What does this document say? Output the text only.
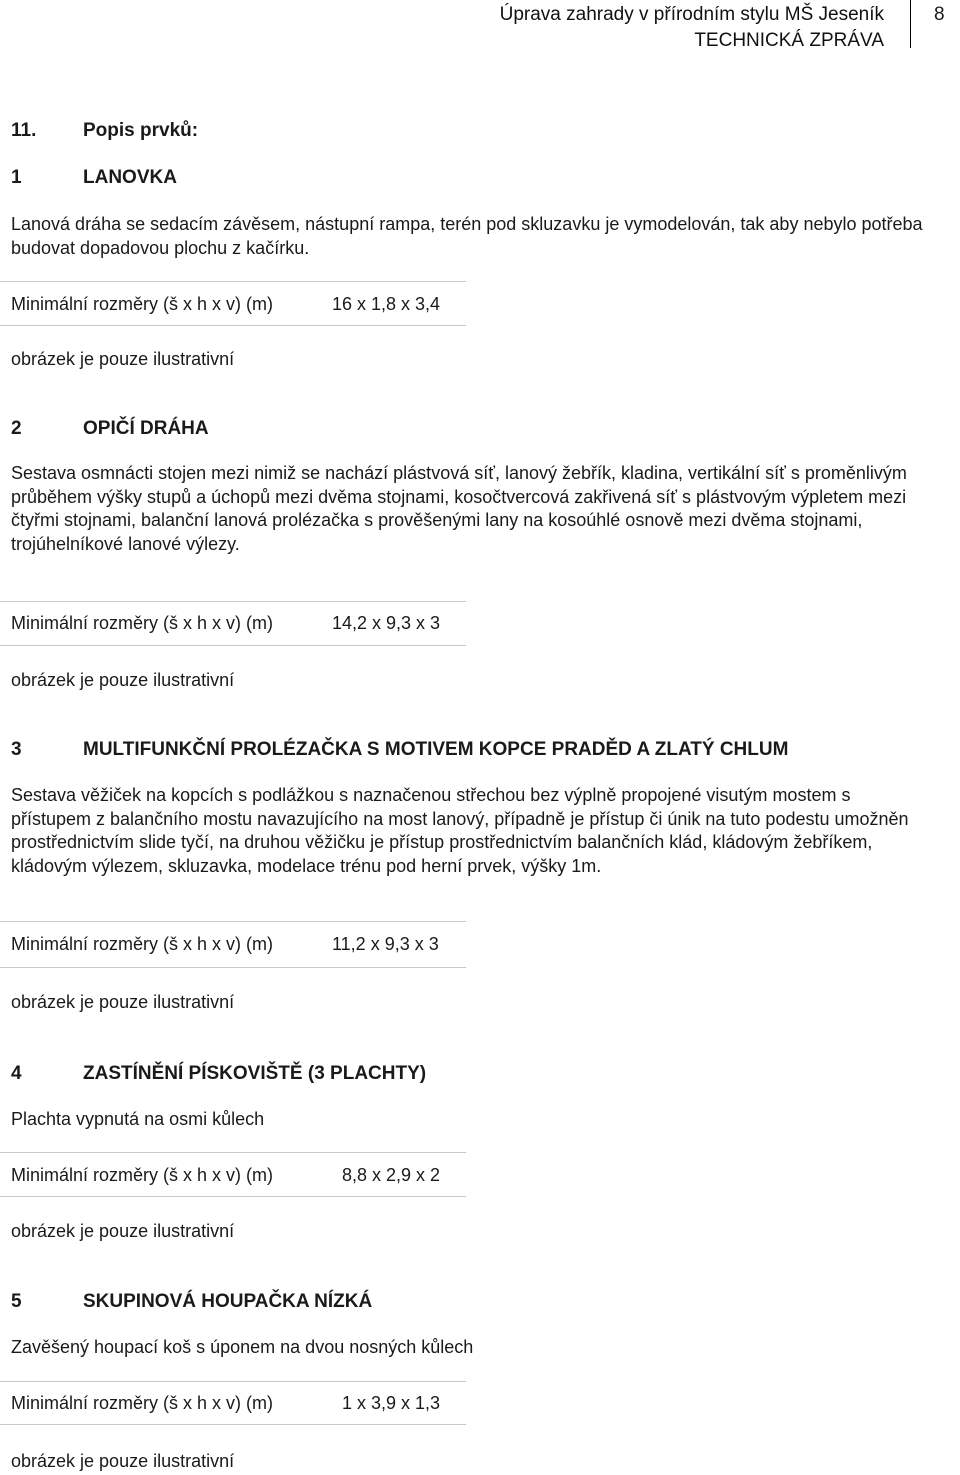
Úprava zahrady v přírodním stylu MŠ Jeseník
TECHNICKÁ ZPRÁVA
8
11. Popis prvků:
1	LANOVKA

Lanová dráha se sedacím závěsem, nástupní rampa, terén pod skluzavku je vymodelován, tak aby nebylo potřeba budovat dopadovou plochu z kačírku.

Minimální rozměry (š x h x v) (m)	16 x 1,8 x 3,4
obrázek je pouze ilustrativní
2	OPIČÍ DRÁHA

Sestava osmnácti stojen mezi nimiž se nachází plástvová síť, lanový žebřík, kladina, vertikální síť s proměnlivým průběhem výšky stupů a úchopů mezi dvěma stojnami, kosočtvercová zakřivená síť s plástvovým výpletem mezi čtyřmi stojnami, balanční lanová prolézačka s prověšenými lany na kosoúhlé osnově mezi dvěma stojnami, trojúhelníkové lanové výlezy.

Minimální rozměry (š x h x v) (m)	14,2 x 9,3 x 3
obrázek je pouze ilustrativní
3	MULTIFUNKČNÍ PROLÉZAČKA S MOTIVEM KOPCE PRADĚD A ZLATÝ CHLUM

Sestava věžiček na kopcích s podlážkou s naznačenou střechou bez výplně propojené visutým mostem s přístupem z balančního mostu navazujícího na most lanový, případně je přístup či únik na tuto podestu umožněn prostřednictvím slide tyčí, na druhou věžičku je přístup prostřednictvím balančních klád, kládovým žebříkem, kládovým výlezem, skluzavka, modelace trénu pod herní prvek, výšky 1m.

Minimální rozměry (š x h x v) (m)	11,2 x 9,3 x 3
obrázek je pouze ilustrativní
4	ZASTÍNĚNÍ PÍSKOVIŠTĚ (3 PLACHTY)

Plachta vypnutá na osmi kůlech

Minimální rozměry (š x h x v) (m)	8,8 x 2,9 x 2
obrázek je pouze ilustrativní
5	SKUPINOVÁ HOUPAČKA NÍZKÁ

Zavěšený houpací koš s úponem na dvou nosných kůlech

Minimální rozměry (š x h x v) (m)	1 x 3,9 x 1,3
obrázek je pouze ilustrativní
